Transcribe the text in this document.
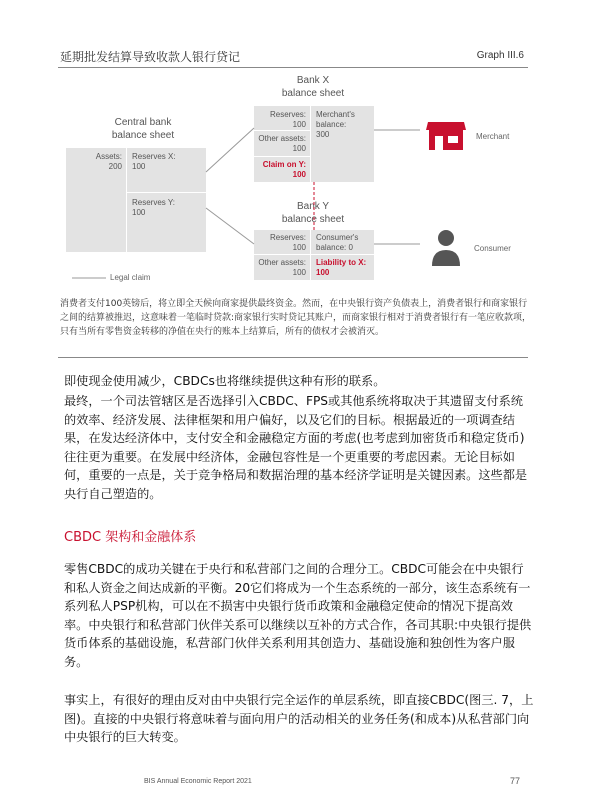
延期批发结算导致收款人银行贷记	Graph III.6
Central bank
balance sheet
Assets:
200
Reserves X:
100
Reserves Y:
100
Bank X
balance sheet
Reserves:
100
Other assets:
100
Claim on Y:
100
Merchant's
balance:
300
Bank Y
balance sheet
Reserves:
100
Other assets:
100
Consumer's
balance: 0
Liability to X:
100
Legal claim
Merchant
Consumer
消费者支付100英镑后，将立即全天候向商家提供最终资金。然而，在中央银行资产负债表上，消费者银行和商家银行之间的结算被推迟，这意味着一笔临时贷款:商家银行实时贷记其账户，而商家银行相对于消费者银行有一笔应收款项，只有当所有零售资金转移的净值在央行的账本上结算后，所有的债权才会被消灭。
即使现金使用减少，CBDCs也将继续提供这种有形的联系。
最终，一个司法管辖区是否选择引入CBDC、FPS或其他系统将取决于其遗留支付系统的效率、经济发展、法律框架和用户偏好，以及它们的目标。根据最近的一项调查结果，在发达经济体中，支付安全和金融稳定方面的考虑(也考虑到加密货币和稳定货币)往往更为重要。在发展中经济体，金融包容性是一个更重要的考虑因素。无论目标如何，重要的一点是，关于竞争格局和数据治理的基本经济学证明是关键因素。这些都是央行自己塑造的。
CBDC 架构和金融体系
零售CBDC的成功关键在于央行和私营部门之间的合理分工。CBDC可能会在中央银行和私人资金之间达成新的平衡。20它们将成为一个生态系统的一部分，该生态系统有一系列私人PSP机构，可以在不损害中央银行货币政策和金融稳定使命的情况下提高效率。中央银行和私营部门伙伴关系可以继续以互补的方式合作，各司其职:中央银行提供货币体系的基础设施，私营部门伙伴关系利用其创造力、基础设施和独创性为客户服务。
事实上，有很好的理由反对由中央银行完全运作的单层系统，即直接CBDC(图三. 7，上图)。直接的中央银行将意味着与面向用户的活动相关的业务任务(和成本)从私营部门向中央银行的巨大转变。
BIS Annual Economic Report 2021	77
